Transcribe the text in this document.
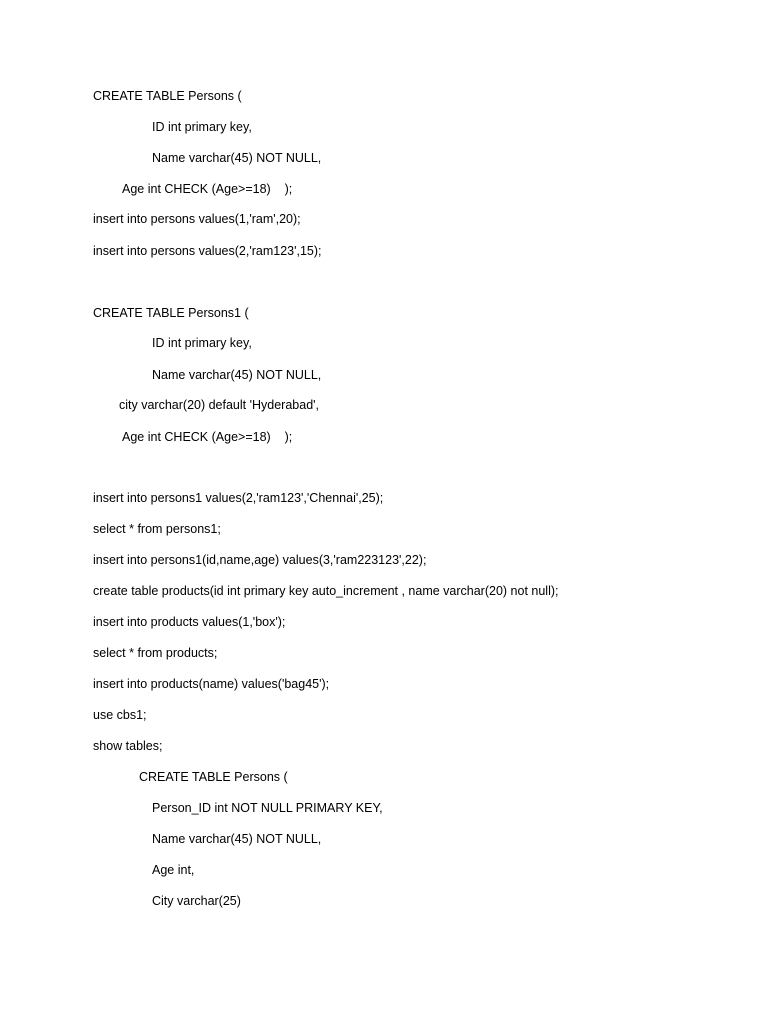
CREATE TABLE Persons (
ID int primary key,
Name varchar(45) NOT NULL,
Age int CHECK (Age>=18)    );
insert into persons values(1,'ram',20);
insert into persons values(2,'ram123',15);
CREATE TABLE Persons1 (
ID int primary key,
Name varchar(45) NOT NULL,
city varchar(20) default 'Hyderabad',
Age int CHECK (Age>=18)    );
insert into persons1 values(2,'ram123','Chennai',25);
select * from persons1;
insert into persons1(id,name,age) values(3,'ram223123',22);
create table products(id int primary key auto_increment , name varchar(20) not null);
insert into products values(1,'box');
select * from products;
insert into products(name) values('bag45');
use cbs1;
show tables;
CREATE TABLE Persons (
Person_ID int NOT NULL PRIMARY KEY,
Name varchar(45) NOT NULL,
Age int,
City varchar(25)
